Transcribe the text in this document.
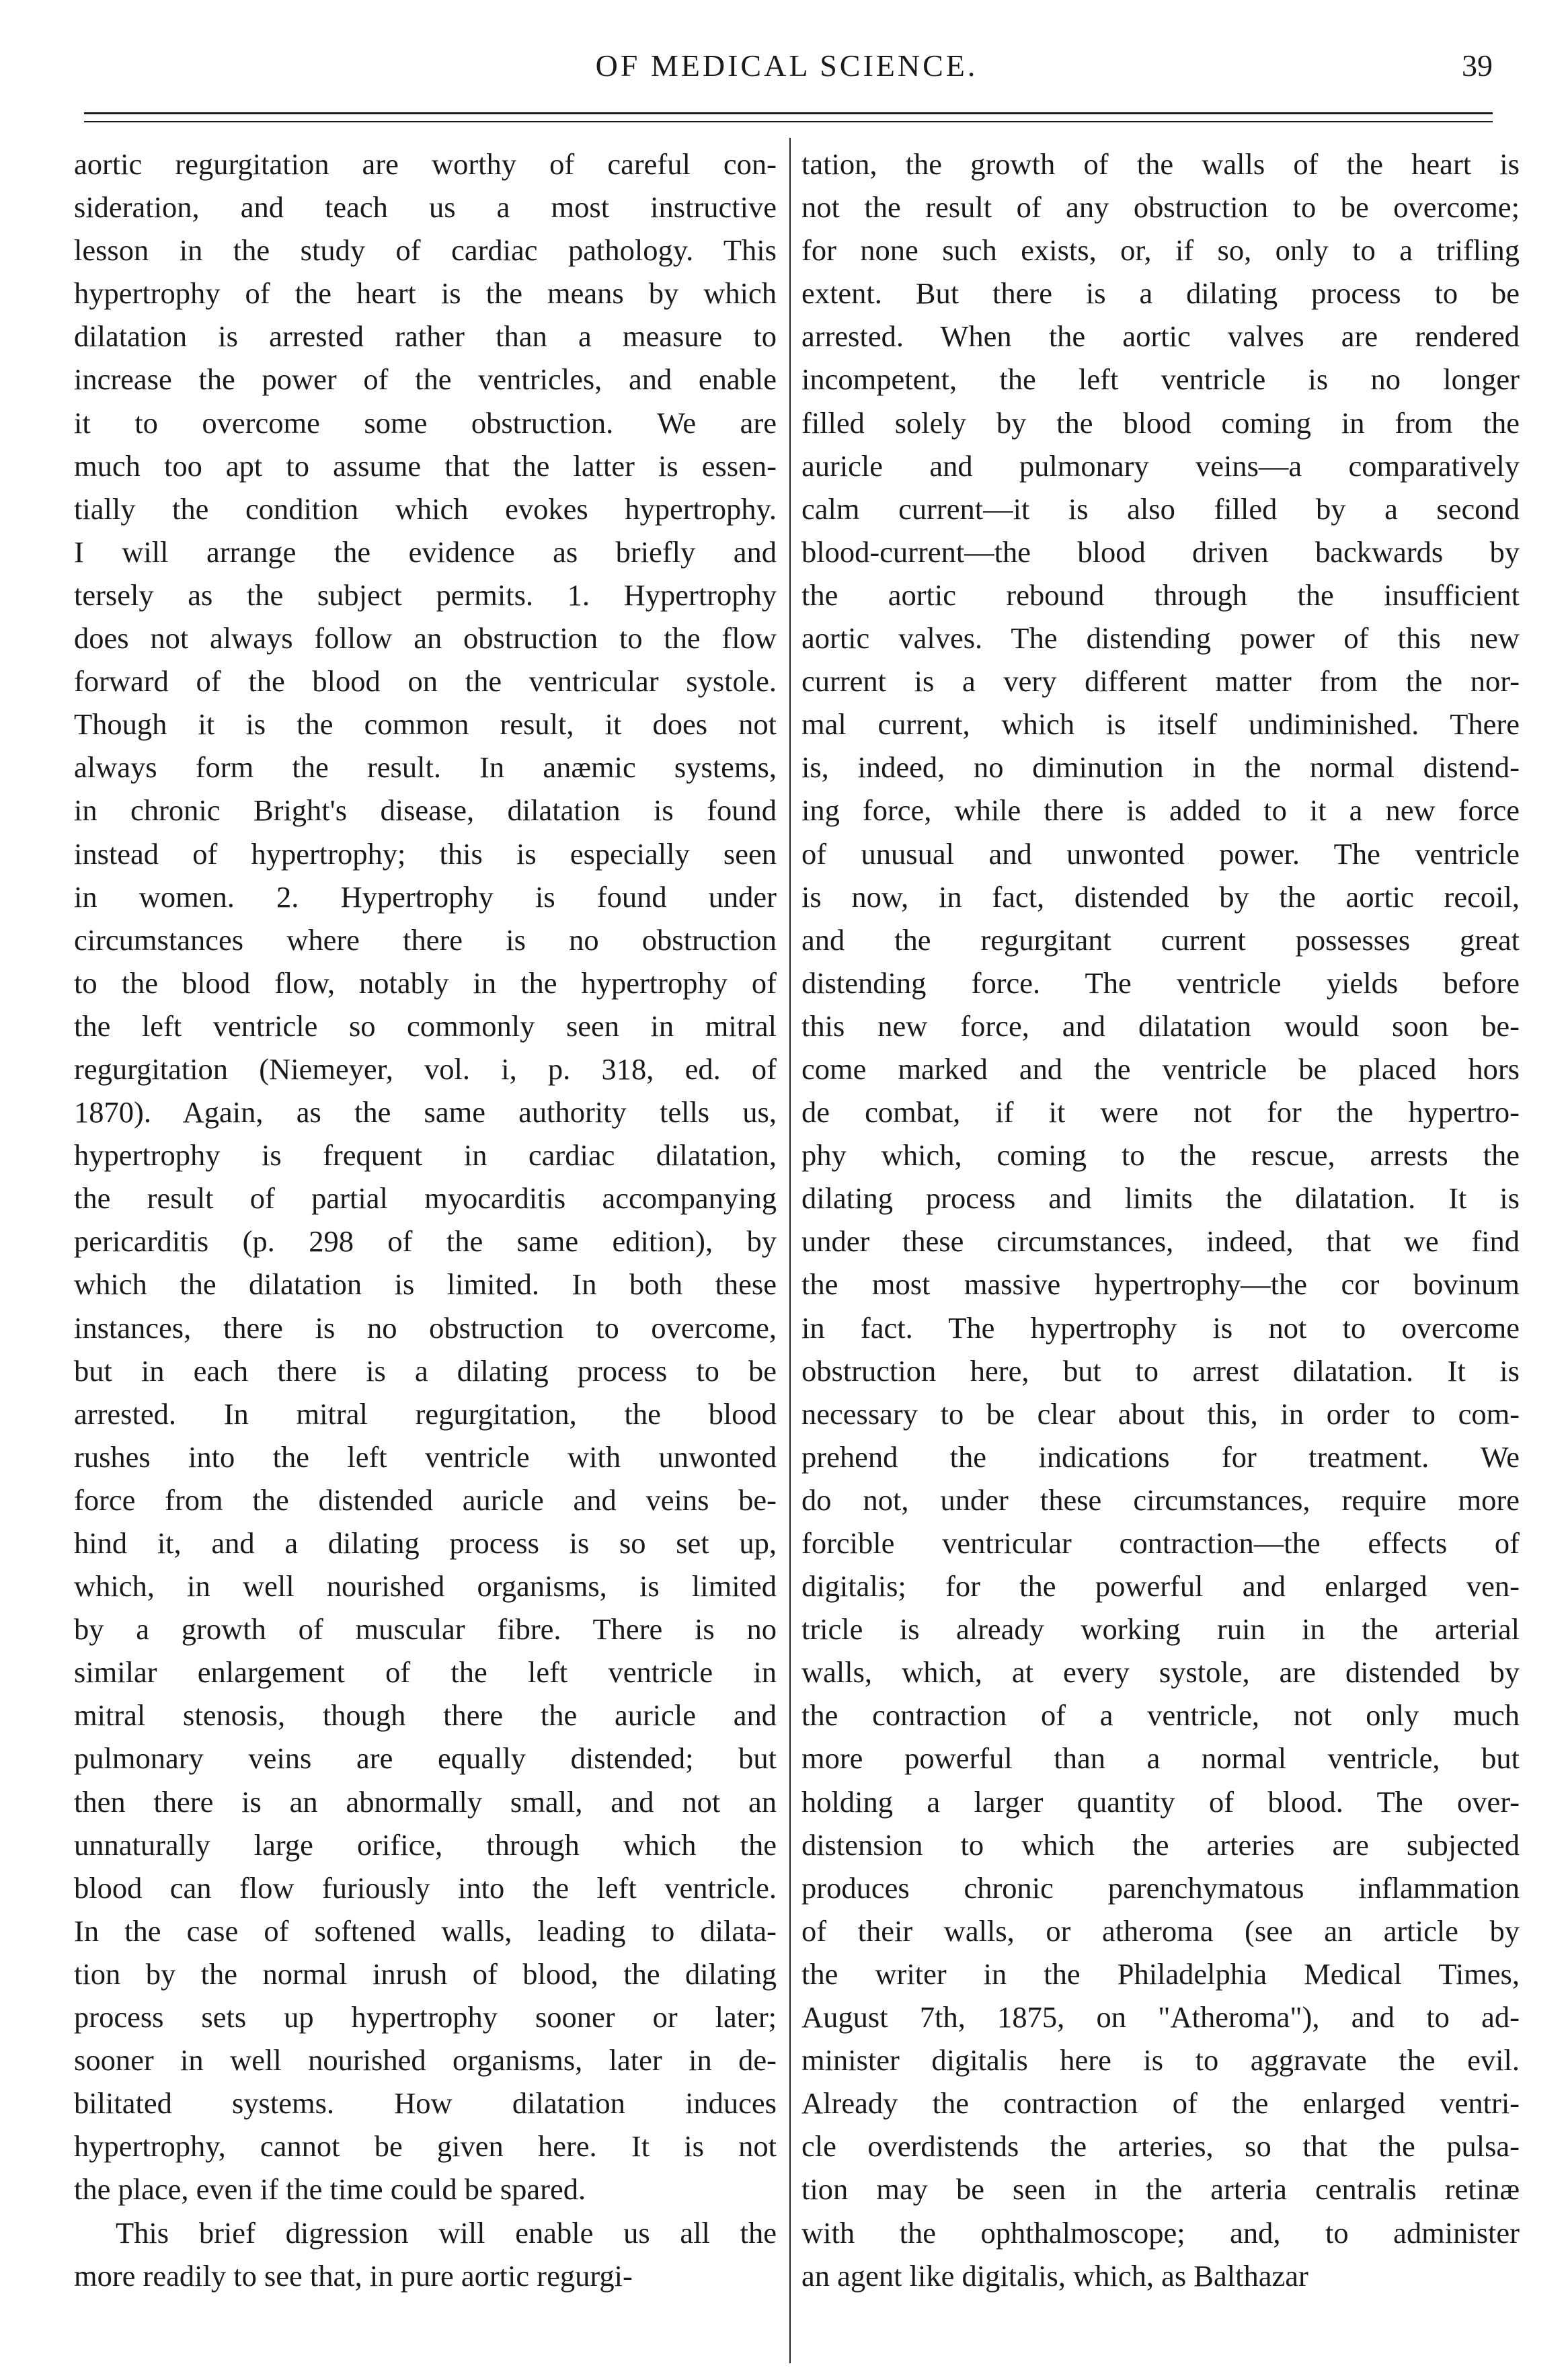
OF MEDICAL SCIENCE.	39
aortic regurgitation are worthy of careful con-
sideration, and teach us a most instructive
lesson in the study of cardiac pathology. This
hypertrophy of the heart is the means by which
dilatation is arrested rather than a measure to
increase the power of the ventricles, and enable
it to overcome some obstruction. We are
much too apt to assume that the latter is essen-
tially the condition which evokes hypertrophy.
I will arrange the evidence as briefly and
tersely as the subject permits. 1. Hypertrophy
does not always follow an obstruction to the flow
forward of the blood on the ventricular systole.
Though it is the common result, it does not
always form the result. In anæmic systems,
in chronic Bright's disease, dilatation is found
instead of hypertrophy; this is especially seen
in women. 2. Hypertrophy is found under
circumstances where there is no obstruction
to the blood flow, notably in the hypertrophy of
the left ventricle so commonly seen in mitral
regurgitation (Niemeyer, vol. i, p. 318, ed. of
1870). Again, as the same authority tells us,
hypertrophy is frequent in cardiac dilatation,
the result of partial myocarditis accompanying
pericarditis (p. 298 of the same edition), by
which the dilatation is limited. In both these
instances, there is no obstruction to overcome,
but in each there is a dilating process to be
arrested. In mitral regurgitation, the blood
rushes into the left ventricle with unwonted
force from the distended auricle and veins be-
hind it, and a dilating process is so set up,
which, in well nourished organisms, is limited
by a growth of muscular fibre. There is no
similar enlargement of the left ventricle in
mitral stenosis, though there the auricle and
pulmonary veins are equally distended; but
then there is an abnormally small, and not an
unnaturally large orifice, through which the
blood can flow furiously into the left ventricle.
In the case of softened walls, leading to dilata-
tion by the normal inrush of blood, the dilating
process sets up hypertrophy sooner or later;
sooner in well nourished organisms, later in de-
bilitated systems. How dilatation induces
hypertrophy, cannot be given here. It is not
the place, even if the time could be spared.
This brief digression will enable us all the
more readily to see that, in pure aortic regurgi-
tation, the growth of the walls of the heart is
not the result of any obstruction to be overcome;
for none such exists, or, if so, only to a trifling
extent. But there is a dilating process to be
arrested. When the aortic valves are rendered
incompetent, the left ventricle is no longer
filled solely by the blood coming in from the
auricle and pulmonary veins—a comparatively
calm current—it is also filled by a second
blood-current—the blood driven backwards by
the aortic rebound through the insufficient
aortic valves. The distending power of this new
current is a very different matter from the nor-
mal current, which is itself undiminished. There
is, indeed, no diminution in the normal distend-
ing force, while there is added to it a new force
of unusual and unwonted power. The ventricle
is now, in fact, distended by the aortic recoil,
and the regurgitant current possesses great
distending force. The ventricle yields before
this new force, and dilatation would soon be-
come marked and the ventricle be placed hors
de combat, if it were not for the hypertro-
phy which, coming to the rescue, arrests the
dilating process and limits the dilatation. It is
under these circumstances, indeed, that we find
the most massive hypertrophy—the cor bovinum
in fact. The hypertrophy is not to overcome
obstruction here, but to arrest dilatation. It is
necessary to be clear about this, in order to com-
prehend the indications for treatment. We
do not, under these circumstances, require more
forcible ventricular contraction—the effects of
digitalis; for the powerful and enlarged ven-
tricle is already working ruin in the arterial
walls, which, at every systole, are distended by
the contraction of a ventricle, not only much
more powerful than a normal ventricle, but
holding a larger quantity of blood. The over-
distension to which the arteries are subjected
produces chronic parenchymatous inflammation
of their walls, or atheroma (see an article by
the writer in the Philadelphia Medical Times,
August 7th, 1875, on "Atheroma"), and to ad-
minister digitalis here is to aggravate the evil.
Already the contraction of the enlarged ventri-
cle overdistends the arteries, so that the pulsa-
tion may be seen in the arteria centralis retinæ
with the ophthalmoscope; and, to administer
an agent like digitalis, which, as Balthazar
